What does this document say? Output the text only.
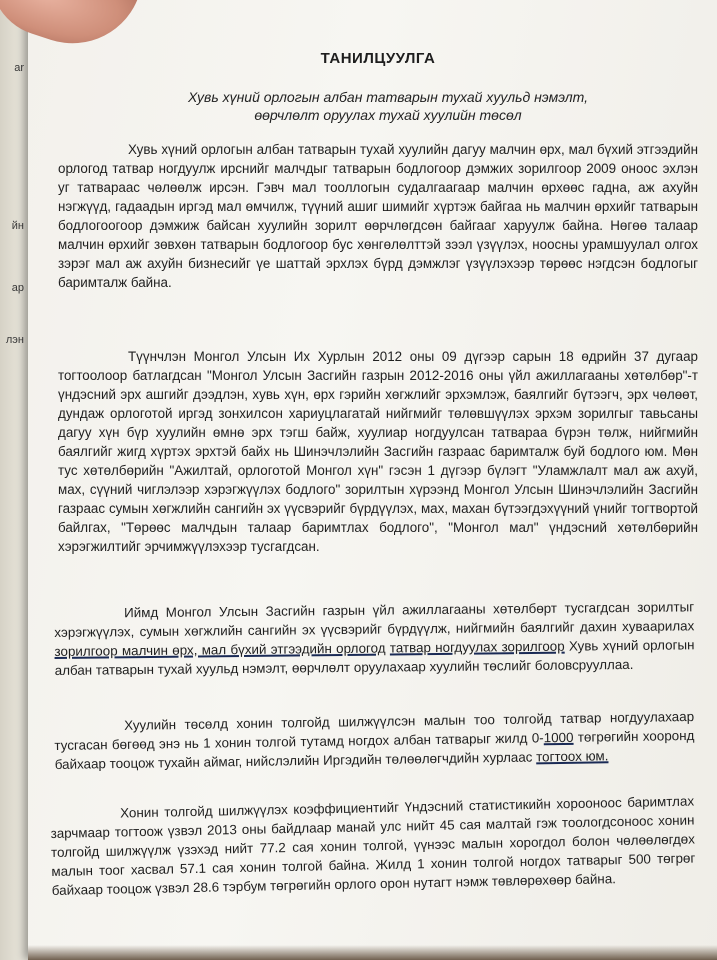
ar
йн
ар
лэн
ТАНИЛЦУУЛГА
Хувь хүний орлогын албан татварын тухай хуульд нэмэлт,
өөрчлөлт оруулах тухай хуулийн төсөл

Хувь хүний орлогын албан татварын тухай хуулийн дагуу малчин өрх, мал бүхий этгээдийн орлогод татвар ногдуулж ирснийг малчдыг татварын бодлогоор дэмжих зорилгоор 2009 оноос эхлэн уг татвараас чөлөөлж ирсэн. Гэвч мал тооллогын судалгаагаар малчин өрхөөс гадна, аж ахуйн нэгжүүд, гадаадын иргэд мал өмчилж, түүний ашиг шимийг хүртэж байгаа нь малчин өрхийг татварын бодлогоогоор дэмжиж байсан хуулийн зорилт өөрчлөгдсөн байгааг харуулж байна. Нөгөө талаар малчин өрхийг зөвхөн татварын бодлогоор бус хөнгөлөлттэй зээл үзүүлэх, ноосны урамшуулал олгох зэрэг мал аж ахуйн бизнесийг үе шаттай эрхлэх бүрд дэмжлэг үзүүлэхээр төрөөс нэгдсэн бодлогыг баримталж байна.

Түүнчлэн Монгол Улсын Их Хурлын 2012 оны 09 дүгээр сарын 18 өдрийн 37 дугаар тогтоолоор батлагдсан "Монгол Улсын Засгийн газрын 2012-2016 оны үйл ажиллагааны хөтөлбөр"-т үндэсний эрх ашгийг дээдлэн, хувь хүн, өрх гэрийн хөгжлийг эрхэмлэж, баялгийг бүтээгч, эрх чөлөөт, дундаж орлоготой иргэд зонхилсон хариуцлагатай нийгмийг төлөвшүүлэх эрхэм зорилгыг тавьсаны дагуу хүн бүр хуулийн өмнө эрх тэгш байж, хуулиар ногдуулсан татвараа бүрэн төлж, нийгмийн баялгийг жигд хүртэх эрхтэй байх нь Шинэчлэлийн Засгийн газраас баримталж буй бодлого юм. Мөн тус хөтөлбөрийн "Ажилтай, орлоготой Монгол хүн" гэсэн 1 дүгээр бүлэгт "Уламжлалт мал аж ахуй, мах, сүүний чиглэлээр хэрэгжүүлэх бодлого" зорилтын хүрээнд Монгол Улсын Шинэчлэлийн Засгийн газраас сумын хөгжлийн сангийн эх үүсвэрийг бүрдүүлэх, мах, махан бүтээгдэхүүний үнийг тогтвортой байлгах, "Төрөөс малчдын талаар баримтлах бодлого", "Монгол мал" үндэсний хөтөлбөрийн хэрэгжилтийг эрчимжүүлэхээр тусгагдсан.

Иймд Монгол Улсын Засгийн газрын үйл ажиллагааны хөтөлбөрт тусгагдсан зорилтыг хэрэгжүүлэх, сумын хөгжлийн сангийн эх үүсвэрийг бүрдүүлж, нийгмийн баялгийг дахин хуваарилах зорилгоор малчин өрх, мал бүхий этгээдийн орлогод татвар ногдуулах зорилгоор Хувь хүний орлогын албан татварын тухай хуульд нэмэлт, өөрчлөлт оруулахаар хуулийн төслийг боловсрууллаа.

Хуулийн төсөлд хонин толгойд шилжүүлсэн малын тоо толгойд татвар ногдуулахаар тусгасан бөгөөд энэ нь 1 хонин толгой тутамд ногдох албан татварыг жилд 0-1000 төгрөгийн хооронд байхаар тооцож тухайн аймаг, нийслэлийн Иргэдийн төлөөлөгчдийн хурлаас тогтоох юм.

Хонин толгойд шилжүүлэх коэффициентийг Үндэсний статистикийн хорооноос баримтлах зарчмаар тогтоож үзвэл 2013 оны байдлаар манай улс нийт 45 сая малтай гэж тоологдсоноос хонин толгойд шилжүүлж үзэхэд нийт 77.2 сая хонин толгой, үүнээс малын хорогдол болон чөлөөлөгдөх малын тоог хасвал 57.1 сая хонин толгой байна. Жилд 1 хонин толгой ногдох татварыг 500 төгрөг байхаар тооцож үзвэл 28.6 тэрбум төгрөгийн орлого орон нутагт нэмж төвлөрөхөөр байна.
